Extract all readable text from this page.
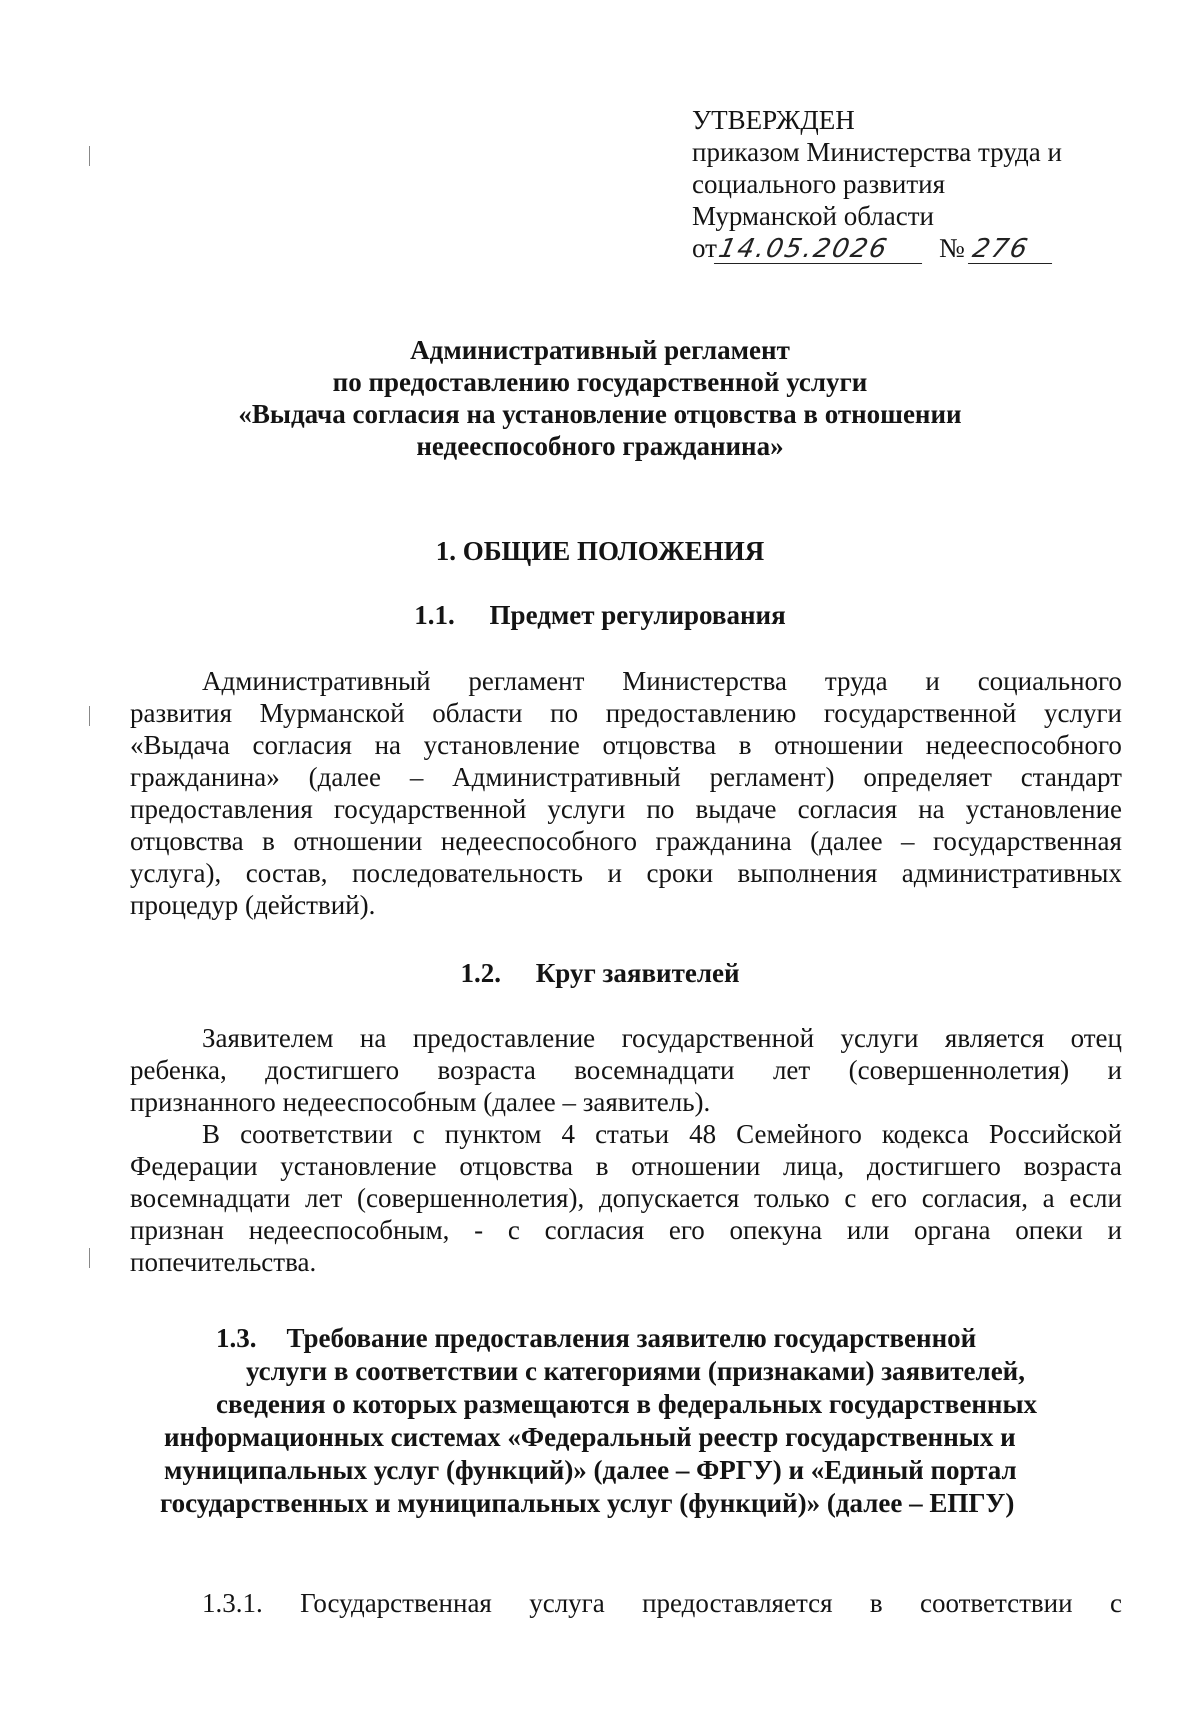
УТВЕРЖДЕН
приказом Министерства труда и
социального развития
Мурманской области
от
14.05.2026	№ 276
Административный регламент
по предоставлению государственной услуги
«Выдача согласия на установление отцовства в отношении
недееспособного гражданина»
1. ОБЩИЕ ПОЛОЖЕНИЯ
1.1. Предмет регулирования
Административный регламент Министерства труда и социального
развития Мурманской области по предоставлению государственной услуги
«Выдача согласия на установление отцовства в отношении недееспособного
гражданина» (далее – Административный регламент) определяет стандарт
предоставления государственной услуги по выдаче согласия на установление
отцовства в отношении недееспособного гражданина (далее – государственная
услуга), состав, последовательность и сроки выполнения административных
процедур
(действий).

1.2. Круг заявителей
Заявителем на предоставление государственной услуги является отец
ребенка, достигшего возраста восемнадцати лет (совершеннолетия) и
признанного
недееспособным
(далее
–
заявитель).

В соответствии с пунктом 4 статьи 48 Семейного кодекса Российской
Федерации установление отцовства в отношении лица, достигшего возраста
восемнадцати лет (совершеннолетия), допускается только с его согласия, а если
признан недееспособным, - с согласия его опекуна или органа опеки и
попечительства.

1.3. Требование предоставления заявителю государственной
услуги в соответствии с категориями (признаками) заявителей,
сведения о которых размещаются в федеральных государственных
информационных системах «Федеральный реестр государственных и
муниципальных услуг (функций)» (далее – ФРГУ) и «Единый портал
государственных и муниципальных услуг (функций)» (далее – ЕПГУ)
1.3.1. Государственная услуга предоставляется в соответствии с
